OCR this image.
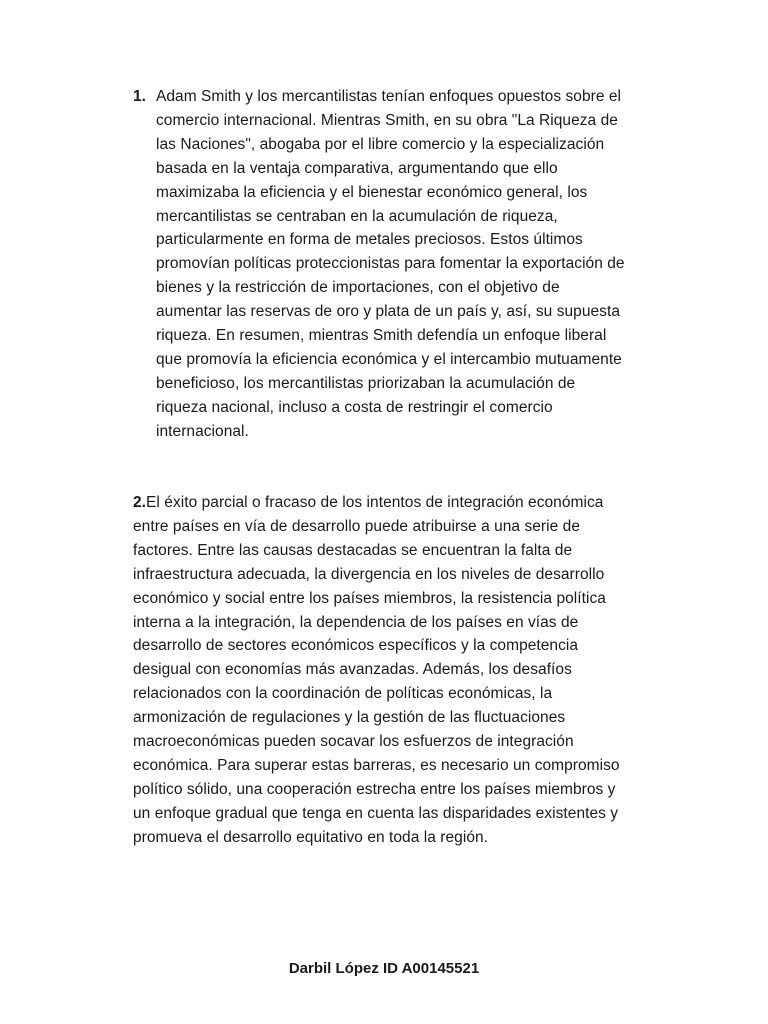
1. Adam Smith y los mercantilistas tenían enfoques opuestos sobre el
comercio internacional. Mientras Smith, en su obra "La Riqueza de
las Naciones", abogaba por el libre comercio y la especialización
basada en la ventaja comparativa, argumentando que ello
maximizaba la eficiencia y el bienestar económico general, los
mercantilistas se centraban en la acumulación de riqueza,
particularmente en forma de metales preciosos. Estos últimos
promovían políticas proteccionistas para fomentar la exportación de
bienes y la restricción de importaciones, con el objetivo de
aumentar las reservas de oro y plata de un país y, así, su supuesta
riqueza. En resumen, mientras Smith defendía un enfoque liberal
que promovía la eficiencia económica y el intercambio mutuamente
beneficioso, los mercantilistas priorizaban la acumulación de
riqueza nacional, incluso a costa de restringir el comercio
internacional.
2.El éxito parcial o fracaso de los intentos de integración económica
entre países en vía de desarrollo puede atribuirse a una serie de
factores. Entre las causas destacadas se encuentran la falta de
infraestructura adecuada, la divergencia en los niveles de desarrollo
económico y social entre los países miembros, la resistencia política
interna a la integración, la dependencia de los países en vías de
desarrollo de sectores económicos específicos y la competencia
desigual con economías más avanzadas. Además, los desafíos
relacionados con la coordinación de políticas económicas, la
armonización de regulaciones y la gestión de las fluctuaciones
macroeconómicas pueden socavar los esfuerzos de integración
económica. Para superar estas barreras, es necesario un compromiso
político sólido, una cooperación estrecha entre los países miembros y
un enfoque gradual que tenga en cuenta las disparidades existentes y
promueva el desarrollo equitativo en toda la región.
Darbil López ID A00145521
